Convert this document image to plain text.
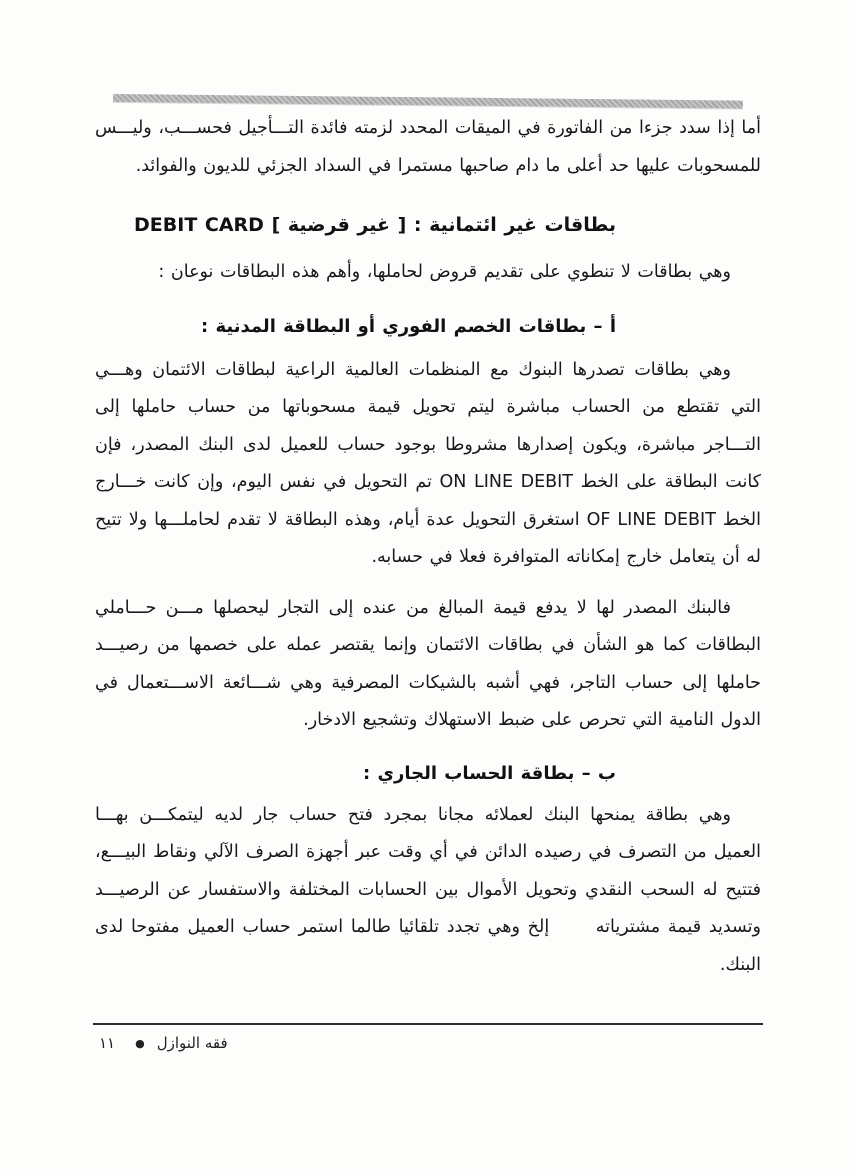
أما إذا سدد جزءا من الفاتورة في الميقات المحدد لزمته فائدة التـــأجيل فحســـب، وليـــس للمسحوبات عليها حد أعلى ما دام صاحبها مستمرا في السداد الجزئي للديون والفوائد.

بطاقات غير ائتمانية : [ غير قرضية ] DEBIT CARD

وهي بطاقات لا تنطوي على تقديم قروض لحاملها، وأهم هذه البطاقات نوعان :

أ – بطاقات الخصم الفوري أو البطاقة المدنية :

وهي بطاقات تصدرها البنوك مع المنظمات العالمية الراعية لبطاقات الائتمان وهـــي التي تقتطع من الحساب مباشرة ليتم تحويل قيمة مسحوباتها من حساب حاملها إلى التـــاجر مباشرة، ويكون إصدارها مشروطا بوجود حساب للعميل لدى البنك المصدر، فإن كانت البطاقة على الخط ON LINE DEBIT تم التحويل في نفس اليوم، وإن كانت خـــارج الخط OF LINE DEBIT استغرق التحويل عدة أيام، وهذه البطاقة لا تقدم لحاملـــها ولا تتيح له أن يتعامل خارج إمكاناته المتوافرة فعلا في حسابه.

فالبنك المصدر لها لا يدفع قيمة المبالغ من عنده إلى التجار ليحصلها مـــن حـــاملي البطاقات كما هو الشأن في بطاقات الائتمان وإنما يقتصر عمله على خصمها من رصيـــد حاملها إلى حساب التاجر، فهي أشبه بالشيكات المصرفية وهي شـــائعة الاســـتعمال في الدول النامية التي تحرص على ضبط الاستهلاك وتشجيع الادخار.

ب – بطاقة الحساب الجاري :

وهي بطاقة يمنحها البنك لعملائه مجانا بمجرد فتح حساب جار لديه ليتمكـــن بهـــا العميل من التصرف في رصيده الدائن في أي وقت عبر أجهزة الصرف الآلي ونقاط البيـــع، فتتيح له السحب النقدي وتحويل الأموال بين الحسابات المختلفة والاستفسار عن الرصيـــد وتسديد قيمة مشترياته      إلخ وهي تجدد تلقائيا طالما استمر حساب العميل مفتوحا لدى البنك.

فقه النوازل
●
١١
